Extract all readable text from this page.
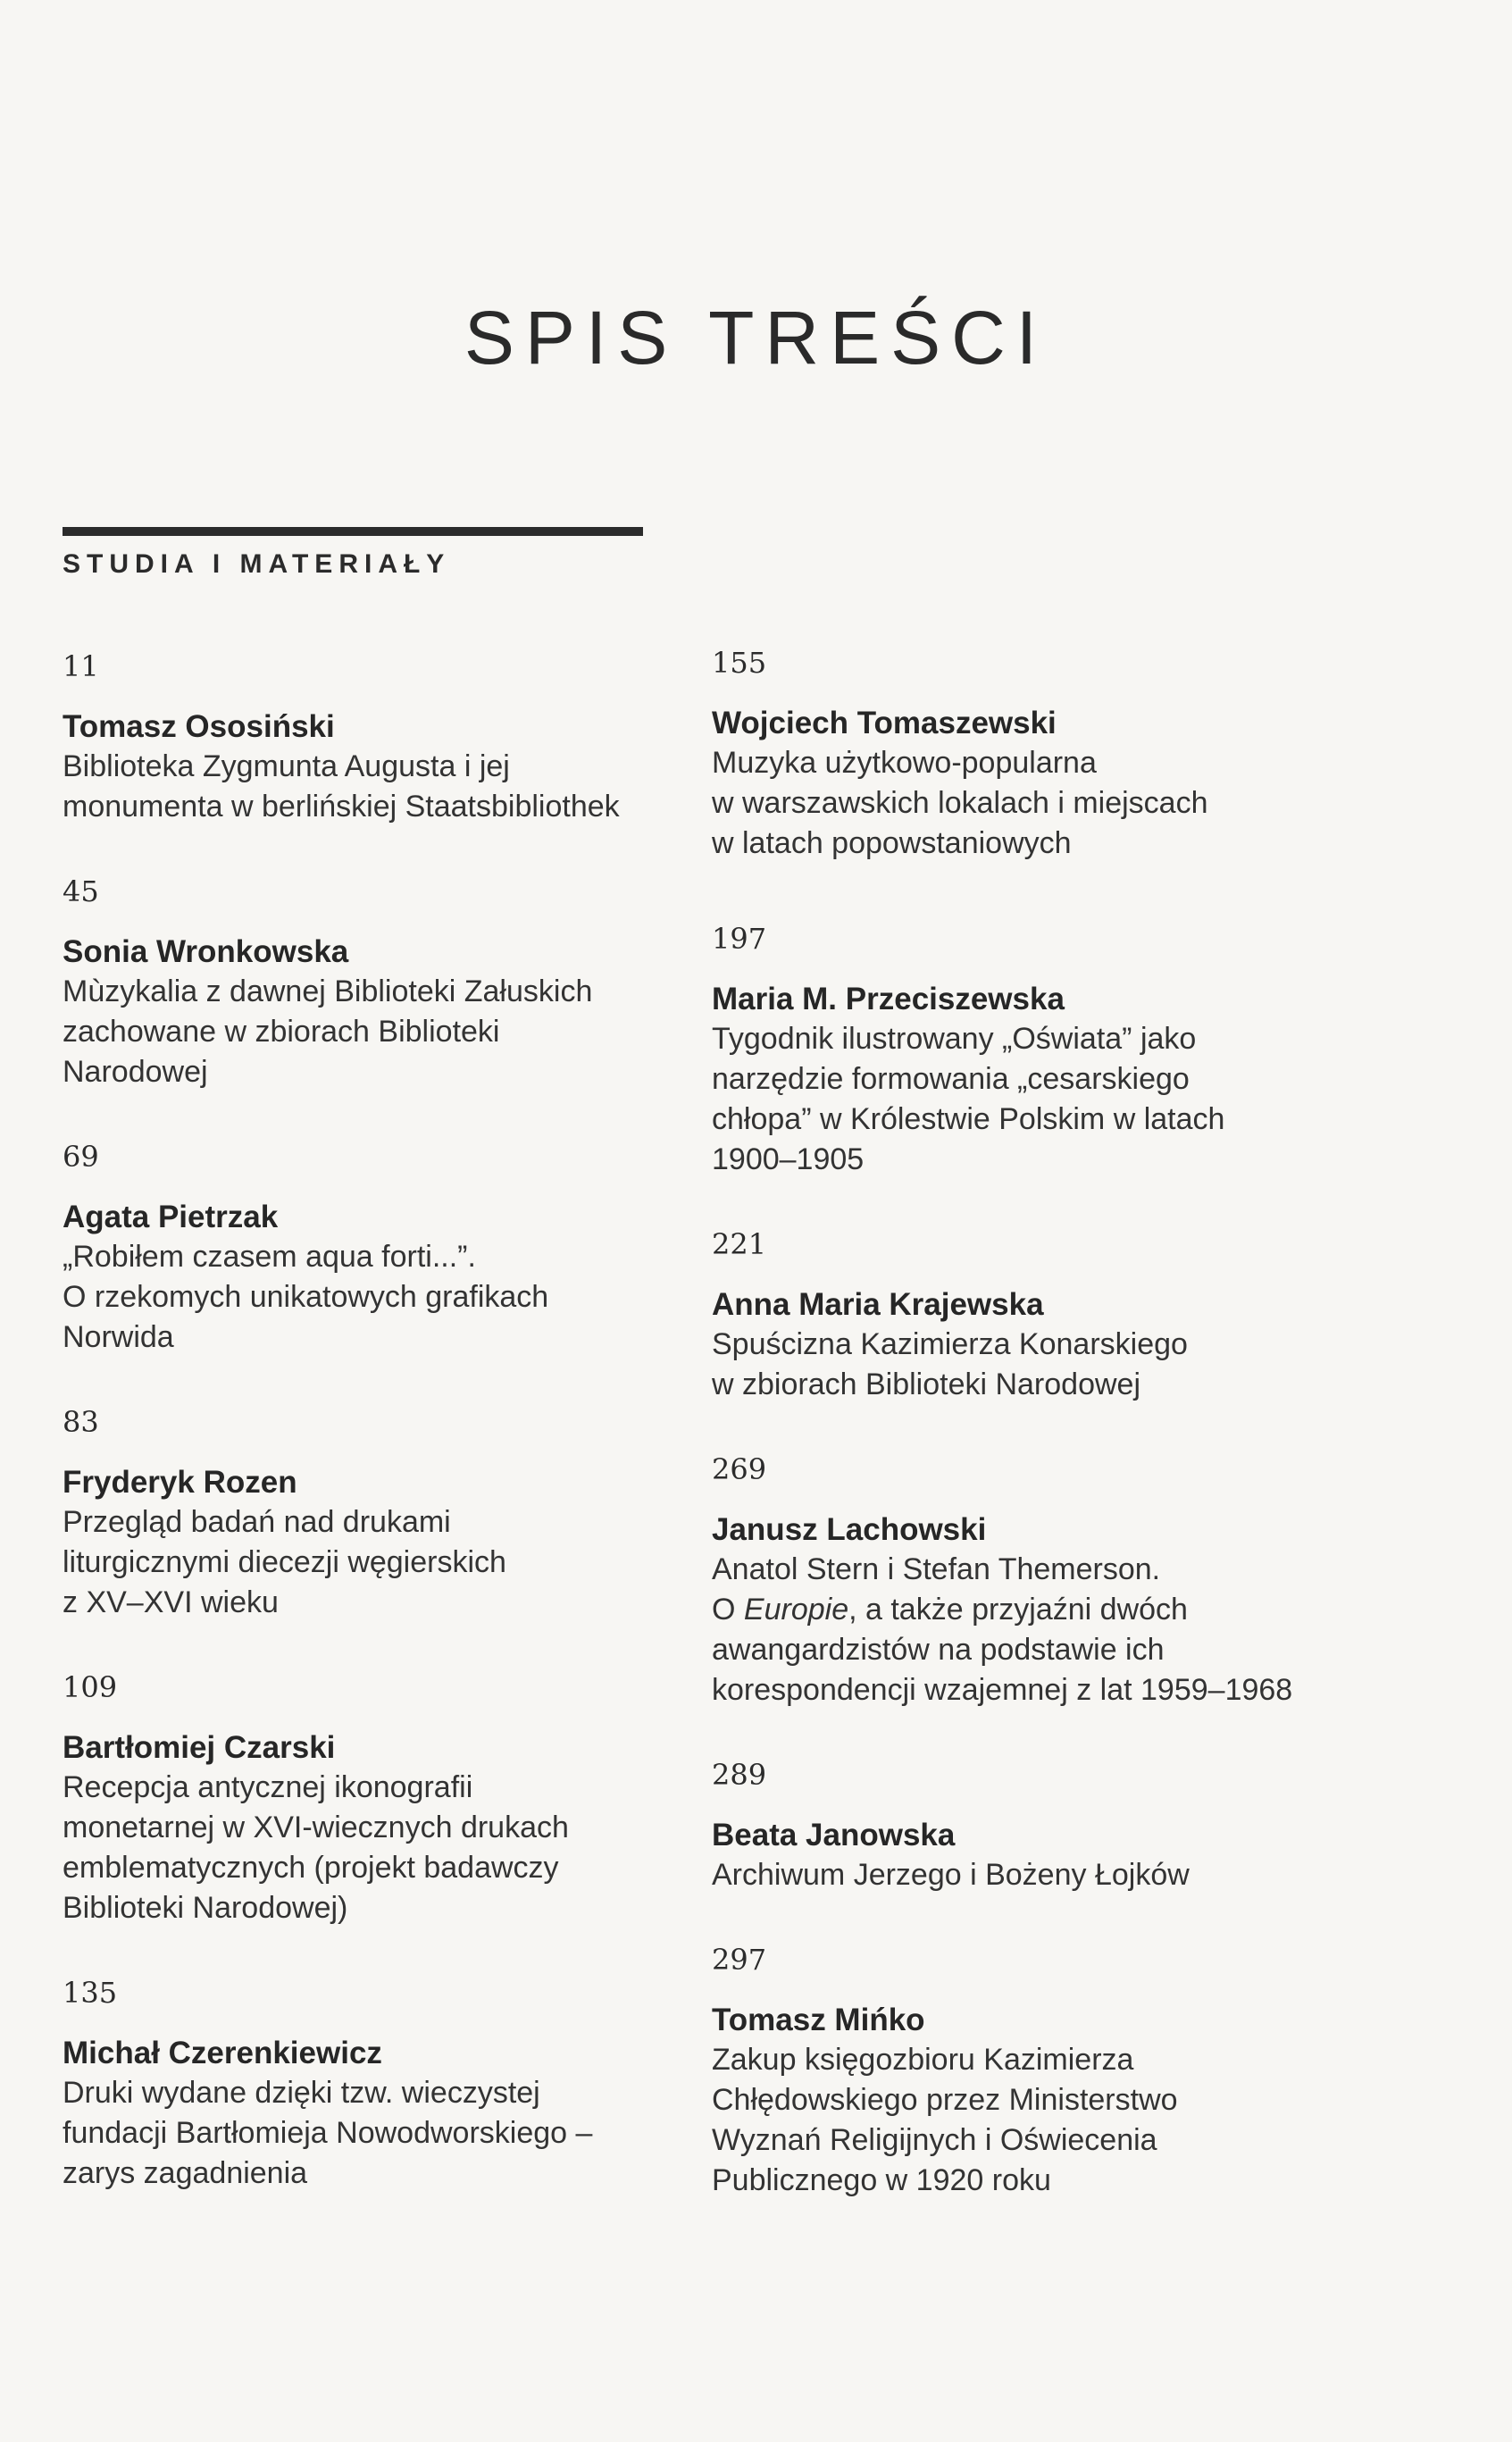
SPIS TREŚCI
STUDIA I MATERIAŁY
11
Tomasz Ososiński
Biblioteka Zygmunta Augusta i jej
monumenta w berlińskiej Staatsbibliothek
45
Sonia Wronkowska
Mùzykalia z dawnej Biblioteki Załuskich
zachowane w zbiorach Biblioteki
Narodowej
69
Agata Pietrzak
„Robiłem czasem aqua forti...”.
O rzekomych unikatowych grafikach
Norwida
83
Fryderyk Rozen
Przegląd badań nad drukami
liturgicznymi diecezji węgierskich
z XV–XVI wieku
109
Bartłomiej Czarski
Recepcja antycznej ikonografii
monetarnej w XVI-wiecznych drukach
emblematycznych (projekt badawczy
Biblioteki Narodowej)
135
Michał Czerenkiewicz
Druki wydane dzięki tzw. wieczystej
fundacji Bartłomieja Nowodworskiego –
zarys zagadnienia
155
Wojciech Tomaszewski
Muzyka użytkowo-popularna
w warszawskich lokalach i miejscach
w latach popowstaniowych
197
Maria M. Przeciszewska
Tygodnik ilustrowany „Oświata” jako
narzędzie formowania „cesarskiego
chłopa” w Królestwie Polskim w latach
1900–1905
221
Anna Maria Krajewska
Spuścizna Kazimierza Konarskiego
w zbiorach Biblioteki Narodowej
269
Janusz Lachowski
Anatol Stern i Stefan Themerson.
O Europie, a także przyjaźni dwóch
awangardzistów na podstawie ich
korespondencji wzajemnej z lat 1959–1968
289
Beata Janowska
Archiwum Jerzego i Bożeny Łojków
297
Tomasz Mińko
Zakup księgozbioru Kazimierza
Chłędowskiego przez Ministerstwo
Wyznań Religijnych i Oświecenia
Publicznego w 1920 roku
